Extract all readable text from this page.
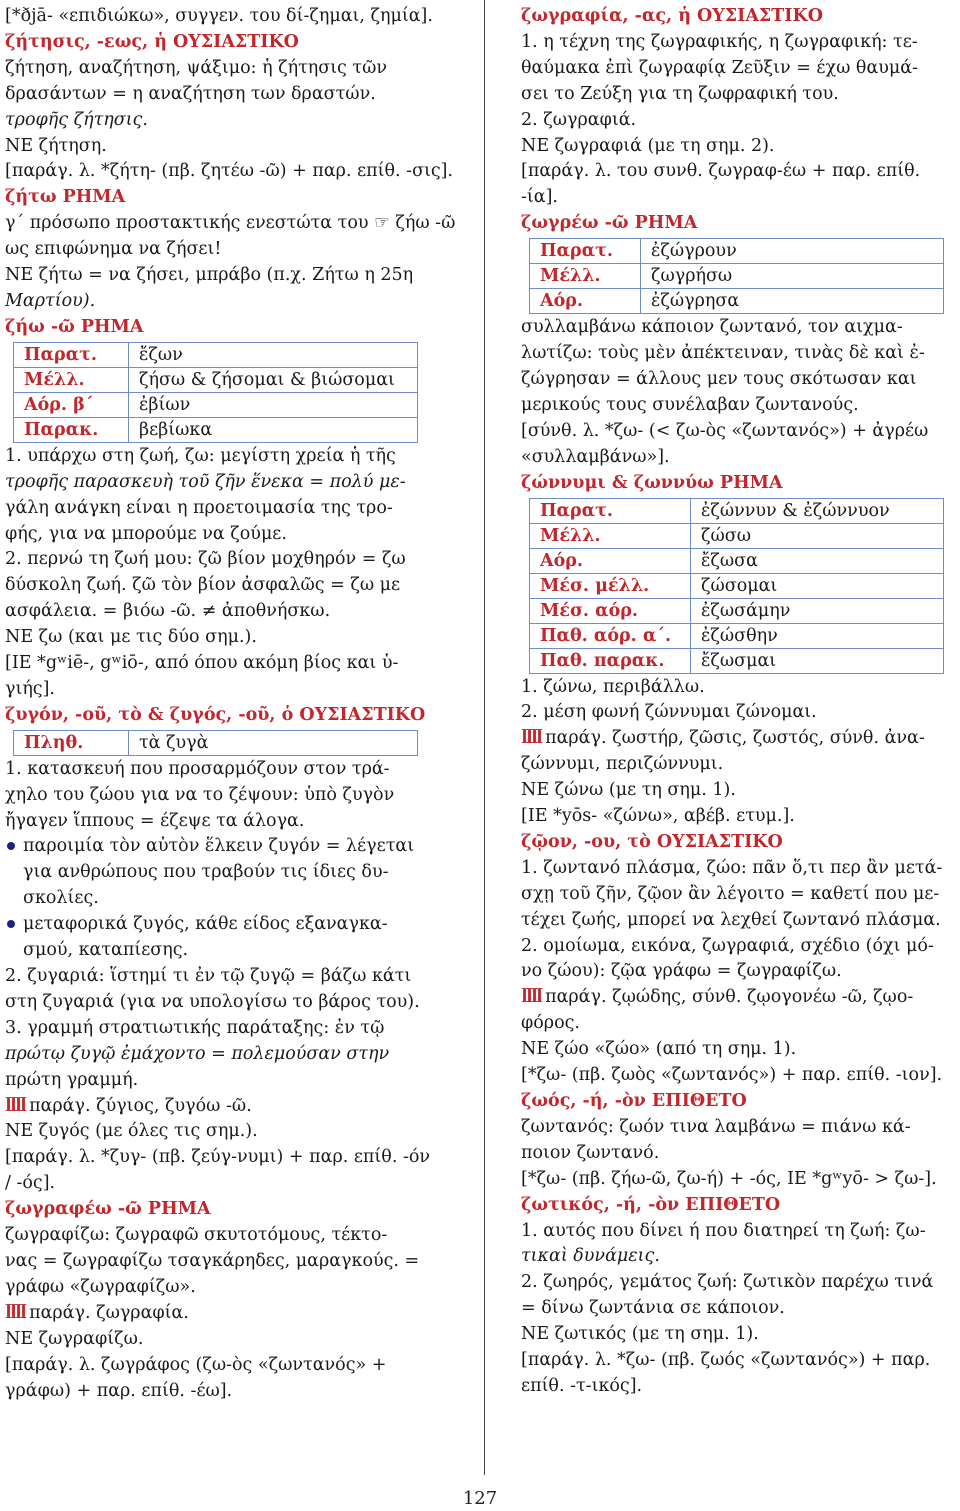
[*ðjā- «επιδιώκω», συγγεν. του δί-ζημαι, ζημία].
ζήτησις, -εως, ἡ ΟΥΣΙΑΣΤΙΚΟ
ζήτηση, αναζήτηση, ψάξιμο: ἡ ζήτησις τῶν
δρασάντων = η αναζήτηση των δραστών.
τροφῆς ζήτησις.
ΝΕ ζήτηση.
[παράγ. λ. *ζήτη- (πβ. ζητέω -ῶ) + παρ. επίθ. -σις].
ζήτω ΡΗΜΑ
γ΄ πρόσωπο προστακτικής ενεστώτα του ☞ ζήω -ῶ
ως επιφώνημα να ζήσει!
ΝΕ ζήτω = να ζήσει, μπράβο (π.χ. Ζήτω η 25η
Μαρτίου).
ζήω -ῶ ΡΗΜΑ
Παρατ.	ἔζων
Μέλλ.	ζήσω & ζήσομαι & βιώσομαι
Αόρ. β΄	ἐβίων
Παρακ.	βεβίωκα
1. υπάρχω στη ζωή, ζω: μεγίστη χρεία ἡ τῆς
τροφῆς παρασκευὴ τοῦ ζῆν ἕνεκα = πολύ με-
γάλη ανάγκη είναι η προετοιμασία της τρο-
φής, για να μπορούμε να ζούμε.
2. περνώ τη ζωή μου: ζῶ βίον μοχθηρόν = ζω
δύσκολη ζωή. ζῶ τὸν βίον ἀσφαλῶς = ζω με
ασφάλεια. = βιόω -ῶ. ≠ ἀποθνήσκω.
ΝΕ ζω (και με τις δύο σημ.).
[ΙΕ *gʷiē-, gʷiō-, από όπου ακόμη βίος και ὑ-
γιής].
ζυγόν, -οῦ, τὸ & ζυγός, -οῦ, ὁ ΟΥΣΙΑΣΤΙΚΟ
Πληθ.	τὰ ζυγὰ
1. κατασκευή που προσαρμόζουν στον τρά-
χηλο του ζώου για να το ζέψουν: ὑπὸ ζυγὸν
ἤγαγεν ἵππους = έζεψε τα άλογα.
παροιμία τὸν αὐτὸν ἕλκειν ζυγόν = λέγεται
για ανθρώπους που τραβούν τις ίδιες δυ-
σκολίες.
μεταφορικά ζυγός, κάθε είδος εξαναγκα-
σμού, καταπίεσης.
2. ζυγαριά: ἵστημί τι ἐν τῷ ζυγῷ = βάζω κάτι
στη ζυγαριά (για να υπολογίσω το βάρος του).
3. γραμμή στρατιωτικής παράταξης: ἐν τῷ
πρώτῳ ζυγῷ ἐμάχοντο = πολεμούσαν στην
πρώτη γραμμή.
ꟾꟾꟾꟾ παράγ. ζύγιος, ζυγόω -ῶ.
ΝΕ ζυγός (με όλες τις σημ.).
[παράγ. λ. *ζυγ- (πβ. ζεύγ-νυμι) + παρ. επίθ. -όν
/ -ός].
ζωγραφέω -ῶ ΡΗΜΑ
ζωγραφίζω: ζωγραφῶ σκυτοτόμους, τέκτο-
νας = ζωγραφίζω τσαγκάρηδες, μαραγκούς. =
γράφω «ζωγραφίζω».
ꟾꟾꟾꟾ παράγ. ζωγραφία.
ΝΕ ζωγραφίζω.
[παράγ. λ. ζωγράφος (ζω-ὸς «ζωντανός» +
γράφω) + παρ. επίθ. -έω].
ζωγραφία, -ας, ἡ ΟΥΣΙΑΣΤΙΚΟ
1. η τέχνη της ζωγραφικής, η ζωγραφική: τε-
θαύμακα ἐπὶ ζωγραφίᾳ Ζεῦξιν = έχω θαυμά-
σει το Ζεύξη για τη ζωφραφική του.
2. ζωγραφιά.
ΝΕ ζωγραφιά (με τη σημ. 2).
[παράγ. λ. του συνθ. ζωγραφ-έω + παρ. επίθ.
-ία].
ζωγρέω -ῶ ΡΗΜΑ
Παρατ.	ἐζώγρουν
Μέλλ.	ζωγρήσω
Αόρ.	ἐζώγρησα
συλλαμβάνω κάποιον ζωντανό, τον αιχμα-
λωτίζω: τοὺς μὲν ἀπέκτειναν, τινὰς δὲ καὶ ἐ-
ζώγρησαν = άλλους μεν τους σκότωσαν και
μερικούς τους συνέλαβαν ζωντανούς.
[σύνθ. λ. *ζω- (< ζω-ὸς «ζωντανός») + ἀγρέω
«συλλαμβάνω»].
ζώννυμι & ζωννύω ΡΗΜΑ
Παρατ.	ἐζώννυν & ἐζώννυον
Μέλλ.	ζώσω
Αόρ.	ἔζωσα
Μέσ. μέλλ.	ζώσομαι
Μέσ. αόρ.	ἐζωσάμην
Παθ. αόρ. α΄.	ἐζώσθην
Παθ. παρακ.	ἔζωσμαι
1. ζώνω, περιβάλλω.
2. μέση φωνή ζώννυμαι ζώνομαι.
ꟾꟾꟾꟾ παράγ. ζωστήρ, ζῶσις, ζωστός, σύνθ. ἀνα-
ζώννυμι, περιζώννυμι.
ΝΕ ζώνω (με τη σημ. 1).
[ΙΕ *yōs- «ζώνω», αβέβ. ετυμ.].
ζῷον, -ου, τὸ ΟΥΣΙΑΣΤΙΚΟ
1. ζωντανό πλάσμα, ζώο: πᾶν ὅ,τι περ ἂν μετά-
σχῃ τοῦ ζῆν, ζῷον ἂν λέγοιτο = καθετί που με-
τέχει ζωής, μπορεί να λεχθεί ζωντανό πλάσμα.
2. ομοίωμα, εικόνα, ζωγραφιά, σχέδιο (όχι μό-
νο ζώου): ζῷα γράφω = ζωγραφίζω.
ꟾꟾꟾꟾ παράγ. ζῳώδης, σύνθ. ζῳογονέω -ῶ, ζῳο-
φόρος.
ΝΕ ζώο «ζώο» (από τη σημ. 1).
[*ζω- (πβ. ζωὸς «ζωντανός») + παρ. επίθ. -ιον].
ζωός, -ή, -ὸν ΕΠΙΘΕΤΟ
ζωντανός: ζωόν τινα λαμβάνω = πιάνω κά-
ποιον ζωντανό.
[*ζω- (πβ. ζήω-ῶ, ζω-ή) + -ός, ΙΕ *gʷyō- > ζω-].
ζωτικός, -ή, -ὸν ΕΠΙΘΕΤΟ
1. αυτός που δίνει ή που διατηρεί τη ζωή: ζω-
τικαὶ δυνάμεις.
2. ζωηρός, γεμάτος ζωή: ζωτικὸν παρέχω τινά
= δίνω ζωντάνια σε κάποιον.
ΝΕ ζωτικός (με τη σημ. 1).
[παράγ. λ. *ζω- (πβ. ζωός «ζωντανός») + παρ.
επίθ. -τ-ικός].
127
